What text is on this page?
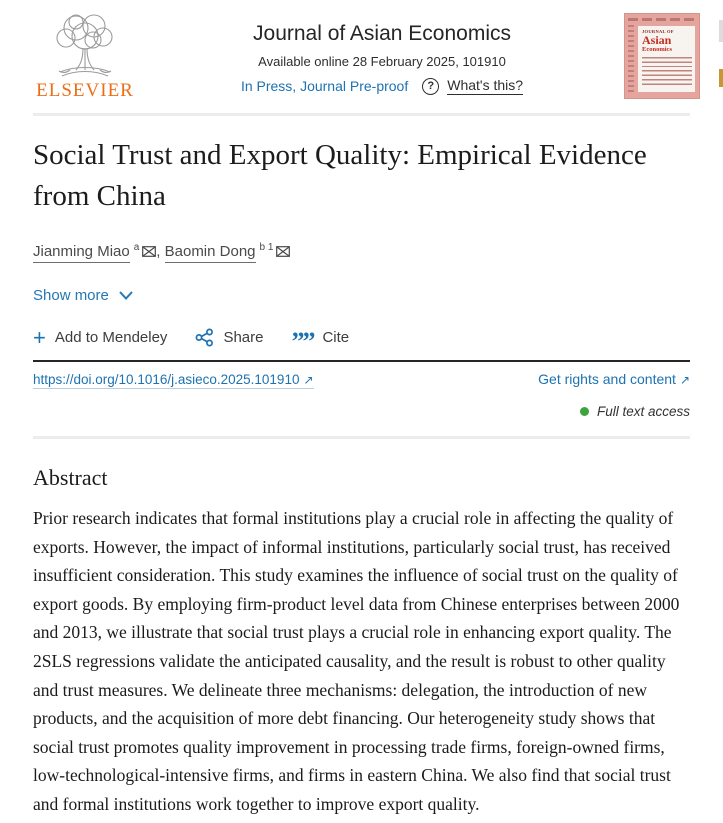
ELSEVIER
Journal of Asian Economics
Available online 28 February 2025, 101910
In Press, Journal Pre-proof	? What's this?
JOURNAL OF
Asian
Economics
Social Trust and Export Quality: Empirical Evidence from China
Jianming Miao $^a$ , Baomin Dong $^{b 1}$
Show more
+ Add to Mendeley	Share ”” Cite
https://doi.org/10.1016/j.asieco.2025.101910 ↗	Get rights and content ↗
Full text access
Abstract

Prior research indicates that formal institutions play a crucial role in affecting the quality of exports. However, the impact of informal institutions, particularly social trust, has received insufficient consideration. This study examines the influence of social trust on the quality of export goods. By employing firm-product level data from Chinese enterprises between 2000 and 2013, we illustrate that social trust plays a crucial role in enhancing export quality. The 2SLS regressions validate the anticipated causality, and the result is robust to other quality and trust measures. We delineate three mechanisms: delegation, the introduction of new products, and the acquisition of more debt financing. Our heterogeneity study shows that social trust promotes quality improvement in processing trade firms, foreign-owned firms, low-technological-intensive firms, and firms in eastern China. We also find that social trust and formal institutions work together to improve export quality.
